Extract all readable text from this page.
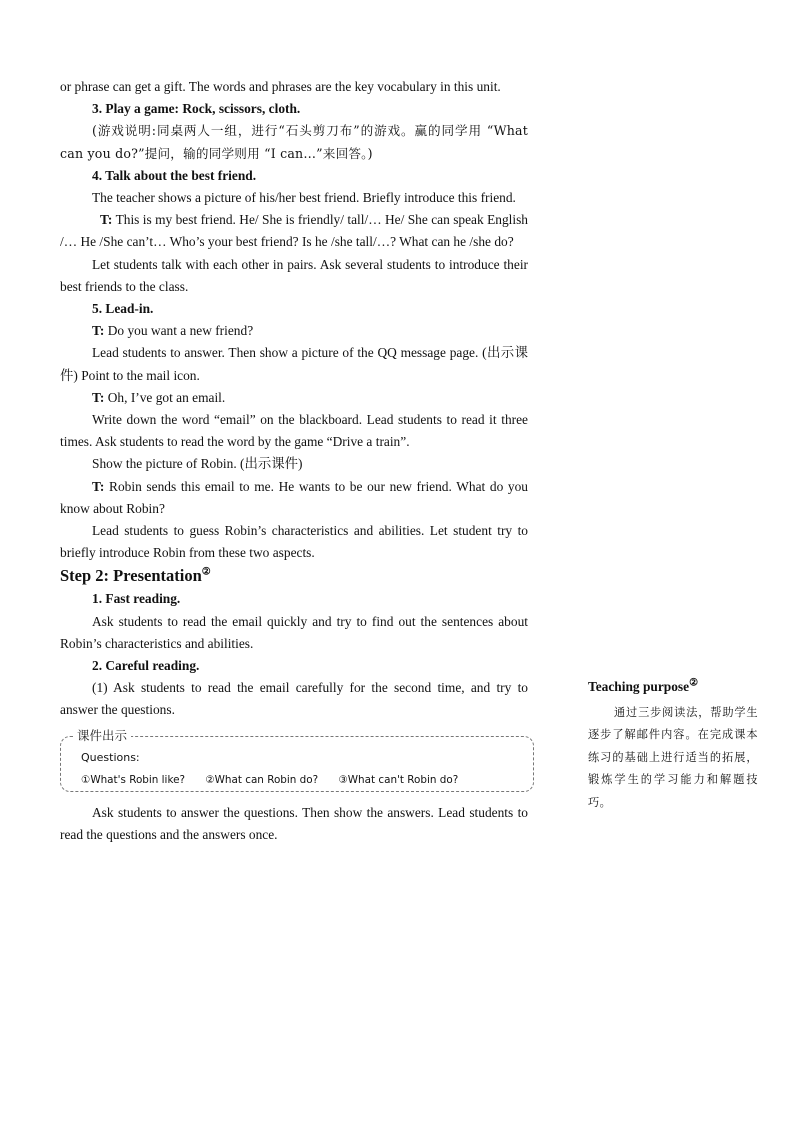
or phrase can get a gift. The words and phrases are the key vocabulary in this unit.

3. Play a game: Rock, scissors, cloth.

(游戏说明:同桌两人一组，进行“石头剪刀布”的游戏。赢的同学用 “What can you do?”提问，输的同学则用 “I can…”来回答。)

4. Talk about the best friend.

The teacher shows a picture of his/her best friend. Briefly introduce this friend.

T: This is my best friend. He/ She is friendly/ tall/… He/ She can speak English /… He /She can’t… Who’s your best friend? Is he /she tall/…? What can he /she do?

Let students talk with each other in pairs. Ask several students to introduce their best friends to the class.

5. Lead-in.

T: Do you want a new friend?

Lead students to answer. Then show a picture of the QQ message page. (出示课件) Point to the mail icon.

T: Oh, I’ve got an email.

Write down the word “email” on the blackboard. Lead students to read it three times. Ask students to read the word by the game “Drive a train”.

Show the picture of Robin. (出示课件)

T: Robin sends this email to me. He wants to be our new friend. What do you know about Robin?

Lead students to guess Robin’s characteristics and abilities. Let student try to briefly introduce Robin from these two aspects.

Step 2: Presentation②

1. Fast reading.

Ask students to read the email quickly and try to find out the sentences about Robin’s characteristics and abilities.

2. Careful reading.

(1) Ask students to read the email carefully for the second time, and try to answer the questions.

课件出示
Questions:
①What's Robin like? ②What can Robin do? ③What can't Robin do?

Ask students to answer the questions. Then show the answers. Lead students to read the questions and the answers once.

Teaching purpose②

通过三步阅读法，帮助学生逐步了解邮件内容。在完成课本练习的基础上进行适当的拓展，锻炼学生的学习能力和解题技巧。
